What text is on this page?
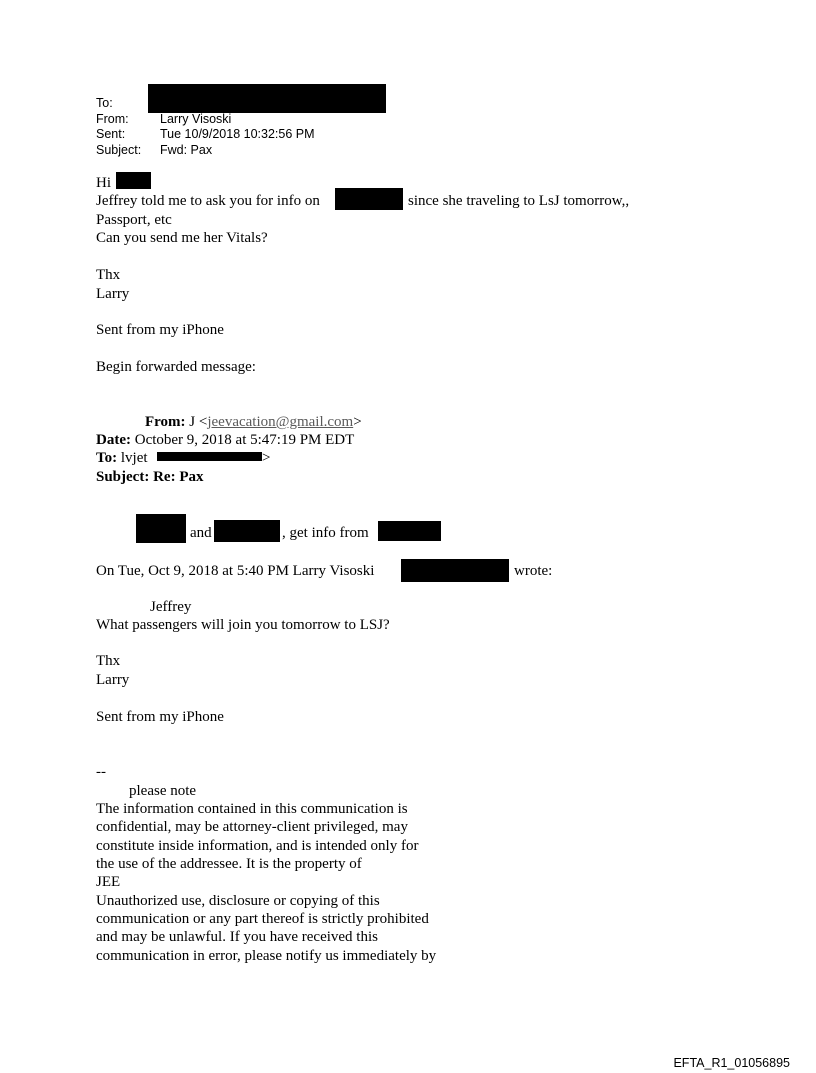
To:
From:	Larry Visoski
Sent:	Tue 10/9/2018 10:32:56 PM
Subject: Fwd: Pax
Hi
Jeffrey told me to ask you for info on	since she traveling to LsJ tomorrow,,
Passport, etc
Can you send me her Vitals?
Thx
Larry
Sent from my iPhone
Begin forwarded message:
From: J <jeevacation@gmail.com>
Date: October 9, 2018 at 5:47:19 PM EDT
To: lvjet	>
Subject: Re: Pax
and	, get info from
On Tue, Oct 9, 2018 at 5:40 PM Larry Visoski	wrote:
Jeffrey
What passengers will join you tomorrow to LSJ?
Thx
Larry
Sent from my iPhone
--
please note
The information contained in this communication is
confidential, may be attorney-client privileged, may
constitute inside information, and is intended only for
the use of the addressee. It is the property of
JEE
Unauthorized use, disclosure or copying of this
communication or any part thereof is strictly prohibited
and may be unlawful. If you have received this
communication in error, please notify us immediately by
EFTA_R1_01056895
